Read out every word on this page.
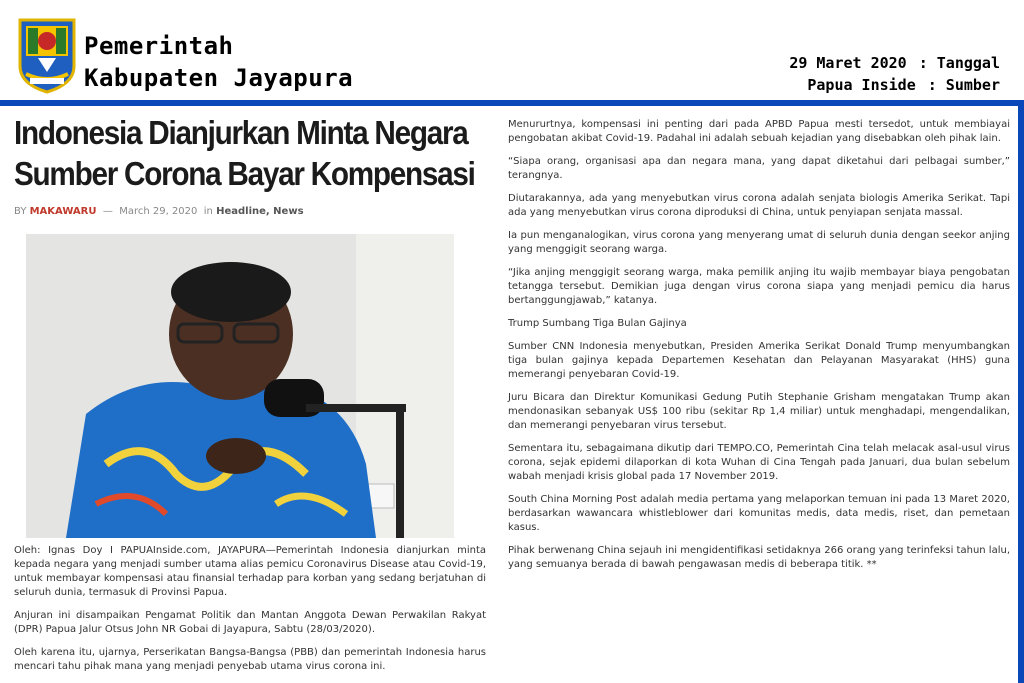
Pemerintah
Kabupaten Jayapura
29 Maret 2020 : Tanggal
Papua Inside : Sumber
Indonesia Dianjurkan Minta Negara Sumber Corona Bayar Kompensasi
BY MAKAWARU — March 29, 2020 in Headline, News

Oleh: Ignas Doy I PAPUAInside.com, JAYAPURA—Pemerintah Indonesia dianjurkan minta kepada negara yang menjadi sumber utama alias pemicu Coronavirus Disease atau Covid-19, untuk membayar kompensasi atau finansial terhadap para korban yang sedang berjatuhan di seluruh dunia, termasuk di Provinsi Papua.

Anjuran ini disampaikan Pengamat Politik dan Mantan Anggota Dewan Perwakilan Rakyat (DPR) Papua Jalur Otsus John NR Gobai di Jayapura, Sabtu (28/03/2020).

Oleh karena itu, ujarnya, Perserikatan Bangsa-Bangsa (PBB) dan pemerintah Indonesia harus mencari tahu pihak mana yang menjadi penyebab utama virus corona ini.

Menururtnya, kompensasi ini penting dari pada APBD Papua mesti tersedot, untuk membiayai pengobatan akibat Covid-19. Padahal ini adalah sebuah kejadian yang disebabkan oleh pihak lain.

“Siapa orang, organisasi apa dan negara mana, yang dapat diketahui dari pelbagai sumber,” terangnya.

Diutarakannya, ada yang menyebutkan virus corona adalah senjata biologis Amerika Serikat. Tapi ada yang menyebutkan virus corona diproduksi di China, untuk penyiapan senjata massal.

Ia pun menganalogikan, virus corona yang menyerang umat di seluruh dunia dengan seekor anjing yang menggigit seorang warga.

“Jika anjing menggigit seorang warga, maka pemilik anjing itu wajib membayar biaya pengobatan tetangga tersebut. Demikian juga dengan virus corona siapa yang menjadi pemicu dia harus bertanggungjawab,” katanya.

Trump Sumbang Tiga Bulan Gajinya

Sumber CNN Indonesia menyebutkan, Presiden Amerika Serikat Donald Trump menyumbangkan tiga bulan gajinya kepada Departemen Kesehatan dan Pelayanan Masyarakat (HHS) guna memerangi penyebaran Covid-19.

Juru Bicara dan Direktur Komunikasi Gedung Putih Stephanie Grisham mengatakan Trump akan mendonasikan sebanyak US$ 100 ribu (sekitar Rp 1,4 miliar) untuk menghadapi, mengendalikan, dan memerangi penyebaran virus tersebut.

Sementara itu, sebagaimana dikutip dari TEMPO.CO, Pemerintah Cina telah melacak asal-usul virus corona, sejak epidemi dilaporkan di kota Wuhan di Cina Tengah pada Januari, dua bulan sebelum wabah menjadi krisis global pada 17 November 2019.

South China Morning Post adalah media pertama yang melaporkan temuan ini pada 13 Maret 2020, berdasarkan wawancara whistleblower dari komunitas medis, data medis, riset, dan pemetaan kasus.

Pihak berwenang China sejauh ini mengidentifikasi setidaknya 266 orang yang terinfeksi tahun lalu, yang semuanya berada di bawah pengawasan medis di beberapa titik. **
